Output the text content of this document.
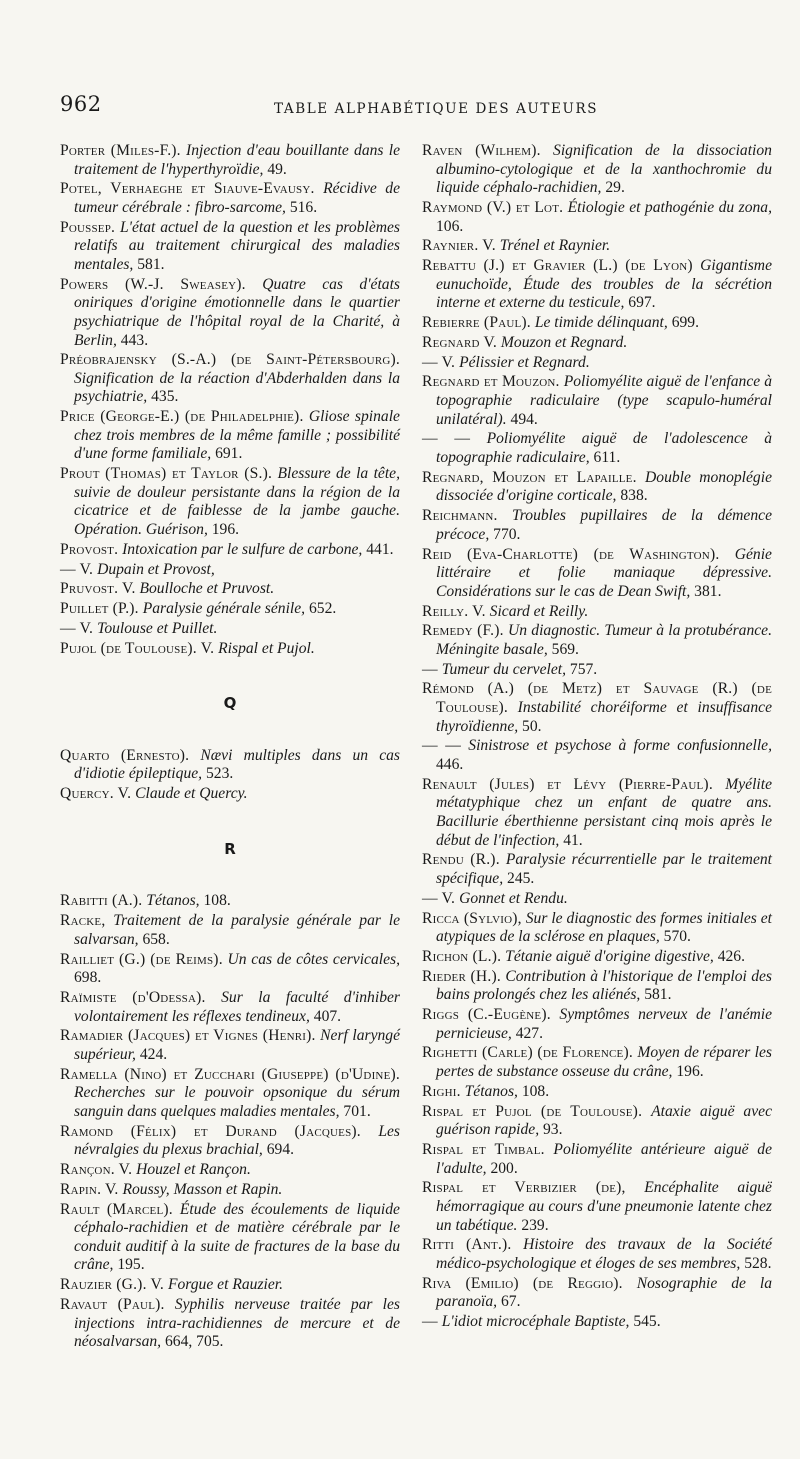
962	TABLE ALPHABÉTIQUE DES AUTEURS
Porter (Miles-F.). Injection d'eau bouillante dans le traitement de l'hyperthyroïdie, 49.
Potel, Verhaeghe et Siauve-Evausy. Récidive de tumeur cérébrale : fibro-sarcome, 516.
Poussep. L'état actuel de la question et les problèmes relatifs au traitement chirurgical des maladies mentales, 581.
Powers (W.-J. Sweasey). Quatre cas d'états oniriques d'origine émotionnelle dans le quartier psychiatrique de l'hôpital royal de la Charité, à Berlin, 443.
Préobrajensky (S.-A.) (de Saint-Pétersbourg). Signification de la réaction d'Abderhalden dans la psychiatrie, 435.
Price (George-E.) (de Philadelphie). Gliose spinale chez trois membres de la même famille ; possibilité d'une forme familiale, 691.
Prout (Thomas) et Taylor (S.). Blessure de la tête, suivie de douleur persistante dans la région de la cicatrice et de faiblesse de la jambe gauche. Opération. Guérison, 196.
Provost. Intoxication par le sulfure de carbone, 441.
— V. Dupain et Provost,
Pruvost. V. Boulloche et Pruvost.
Puillet (P.). Paralysie générale sénile, 652.
— V. Toulouse et Puillet.
Pujol (de Toulouse). V. Rispal et Pujol.
Q
Quarto (Ernesto). Nævi multiples dans un cas d'idiotie épileptique, 523.
Quercy. V. Claude et Quercy.
R
Rabitti (A.). Tétanos, 108.
Racke, Traitement de la paralysie générale par le salvarsan, 658.
Railliet (G.) (de Reims). Un cas de côtes cervicales, 698.
Raïmiste (d'Odessa). Sur la faculté d'inhiber volontairement les réflexes tendineux, 407.
Ramadier (Jacques) et Vignes (Henri). Nerf laryngé supérieur, 424.
Ramella (Nino) et Zucchari (Giuseppe) (d'Udine). Recherches sur le pouvoir opsonique du sérum sanguin dans quelques maladies mentales, 701.
Ramond (Félix) et Durand (Jacques). Les névralgies du plexus brachial, 694.
Rançon. V. Houzel et Rançon.
Rapin. V. Roussy, Masson et Rapin.
Rault (Marcel). Étude des écoulements de liquide céphalo-rachidien et de matière cérébrale par le conduit auditif à la suite de fractures de la base du crâne, 195.
Rauzier (G.). V. Forgue et Rauzier.
Ravaut (Paul). Syphilis nerveuse traitée par les injections intra-rachidiennes de mercure et de néosalvarsan, 664, 705.
Raven (Wilhem). Signification de la dissociation albumino-cytologique et de la xanthochromie du liquide céphalo-rachidien, 29.
Raymond (V.) et Lot. Étiologie et pathogénie du zona, 106.
Raynier. V. Trénel et Raynier.
Rebattu (J.) et Gravier (L.) (de Lyon) Gigantisme eunuchoïde, Étude des troubles de la sécrétion interne et externe du testicule, 697.
Rebierre (Paul). Le timide délinquant, 699.
Regnard V. Mouzon et Regnard.
— V. Pélissier et Regnard.
Regnard et Mouzon. Poliomyélite aiguë de l'enfance à topographie radiculaire (type scapulo-huméral unilatéral). 494.
— — Poliomyélite aiguë de l'adolescence à topographie radiculaire, 611.
Regnard, Mouzon et Lapaille. Double monoplégie dissociée d'origine corticale, 838.
Reichmann. Troubles pupillaires de la démence précoce, 770.
Reid (Eva-Charlotte) (de Washington). Génie littéraire et folie maniaque dépressive. Considérations sur le cas de Dean Swift, 381.
Reilly. V. Sicard et Reilly.
Remedy (F.). Un diagnostic. Tumeur à la protubérance. Méningite basale, 569.
— Tumeur du cervelet, 757.
Rémond (A.) (de Metz) et Sauvage (R.) (de Toulouse). Instabilité choréiforme et insuffisance thyroïdienne, 50.
— — Sinistrose et psychose à forme confusionnelle, 446.
Renault (Jules) et Lévy (Pierre-Paul). Myélite métatyphique chez un enfant de quatre ans. Bacillurie éberthienne persistant cinq mois après le début de l'infection, 41.
Rendu (R.). Paralysie récurrentielle par le traitement spécifique, 245.
— V. Gonnet et Rendu.
Ricca (Sylvio), Sur le diagnostic des formes initiales et atypiques de la sclérose en plaques, 570.
Richon (L.). Tétanie aiguë d'origine digestive, 426.
Rieder (H.). Contribution à l'historique de l'emploi des bains prolongés chez les aliénés, 581.
Riggs (C.-Eugène). Symptômes nerveux de l'anémie pernicieuse, 427.
Righetti (Carle) (de Florence). Moyen de réparer les pertes de substance osseuse du crâne, 196.
Righi. Tétanos, 108.
Rispal et Pujol (de Toulouse). Ataxie aiguë avec guérison rapide, 93.
Rispal et Timbal. Poliomyélite antérieure aiguë de l'adulte, 200.
Rispal et Verbizier (de), Encéphalite aiguë hémorragique au cours d'une pneumonie latente chez un tabétique. 239.
Ritti (Ant.). Histoire des travaux de la Société médico-psychologique et éloges de ses membres, 528.
Riva (Emilio) (de Reggio). Nosographie de la paranoïa, 67.
— L'idiot microcéphale Baptiste, 545.
